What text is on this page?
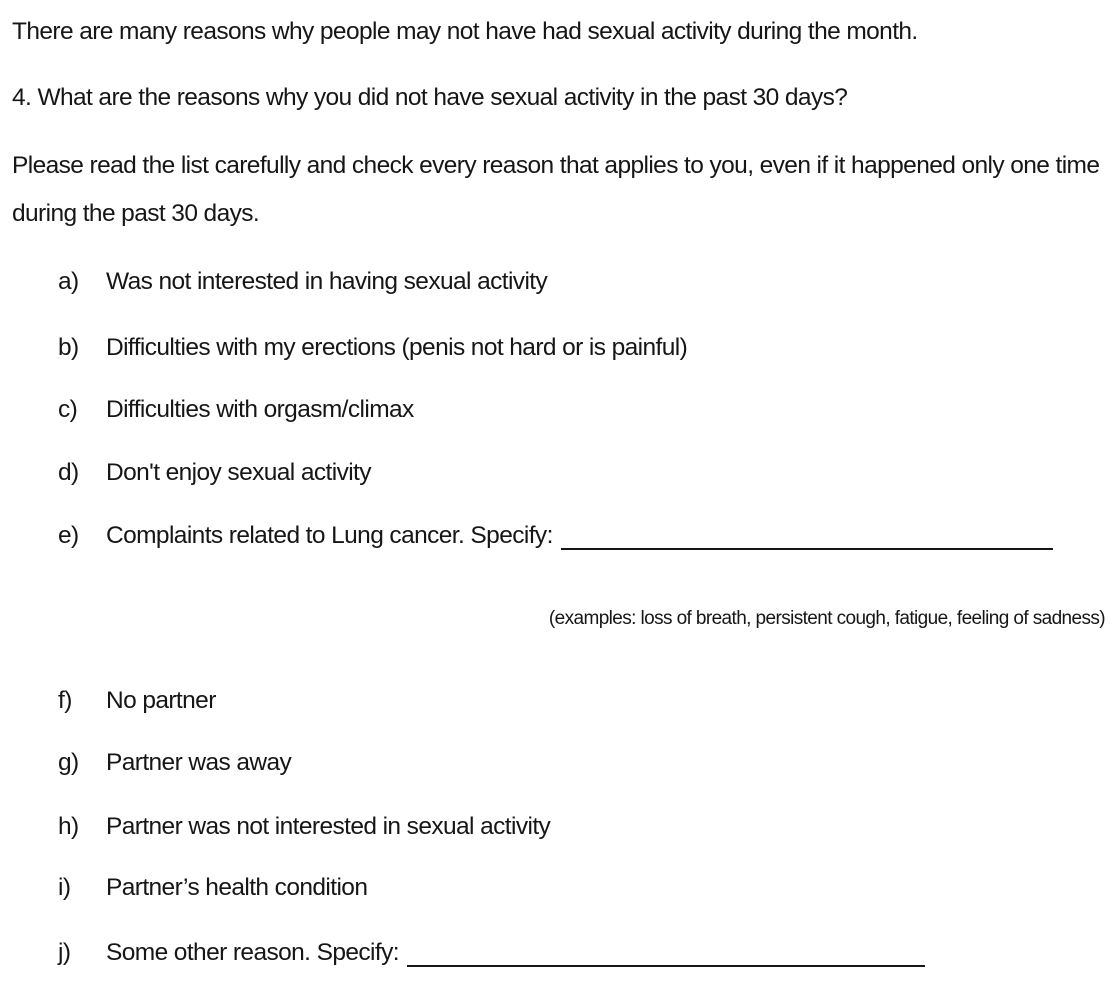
There are many reasons why people may not have had sexual activity during the month.
4. What are the reasons why you did not have sexual activity in the past 30 days?
Please read the list carefully and check every reason that applies to you, even if it happened only one time during the past 30 days.
a)	Was not interested in having sexual activity
b)	Difficulties with my erections (penis not hard or is painful)
c)	Difficulties with orgasm/climax
d)	Don't enjoy sexual activity
e)	Complaints related to Lung cancer. Specify:
(examples: loss of breath, persistent cough, fatigue, feeling of sadness)
f)	No partner
g)	Partner was away
h)	Partner was not interested in sexual activity
i)	Partner’s health condition
j)	Some other reason. Specify:
